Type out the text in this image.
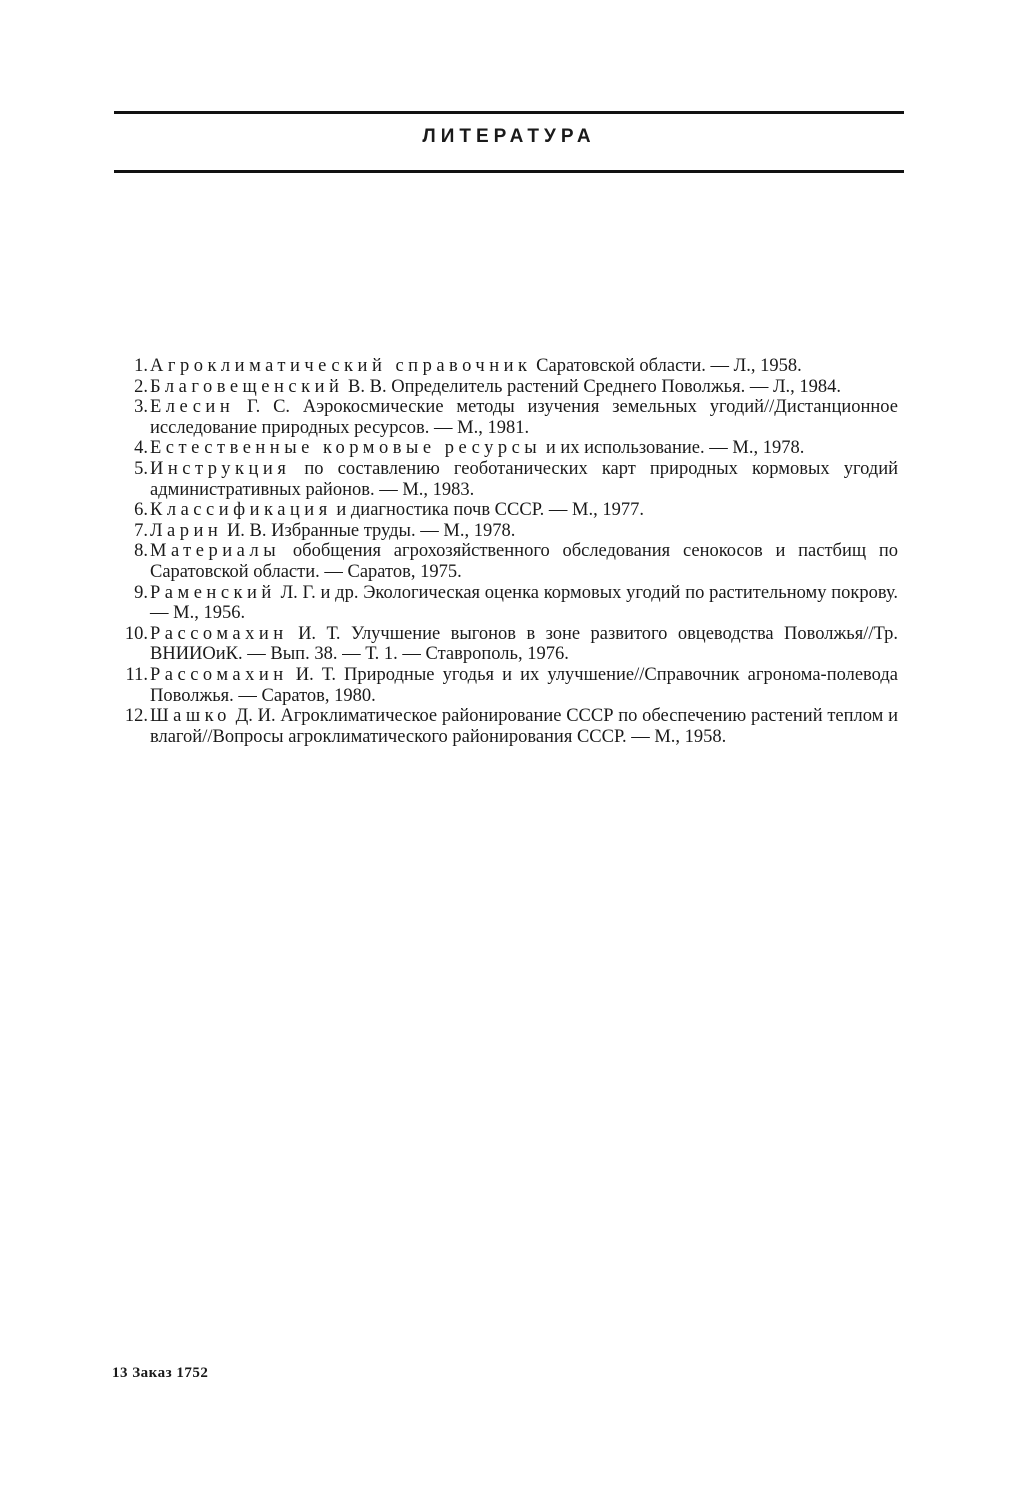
ЛИТЕРАТУРА
1. Агроклиматический справочник Саратовской области. — Л., 1958.
2. Благовещенский В. В. Определитель растений Среднего Поволжья. — Л., 1984.
3. Елесин Г. С. Аэрокосмические методы изучения земельных угодий//Дистанционное исследование природных ресурсов. — М., 1981.
4. Естественные кормовые ресурсы и их использование. — М., 1978.
5. Инструкция по составлению геоботанических карт природных кормовых угодий административных районов. — М., 1983.
6. Классификация и диагностика почв СССР. — М., 1977.
7. Ларин И. В. Избранные труды. — М., 1978.
8. Материалы обобщения агрохозяйственного обследования сенокосов и пастбищ по Саратовской области. — Саратов, 1975.
9. Раменский Л. Г. и др. Экологическая оценка кормовых угодий по растительному покрову. — М., 1956.
10. Рассомахин И. Т. Улучшение выгонов в зоне развитого овцеводства Поволжья//Тр. ВНИИОиК. — Вып. 38. — Т. 1. — Ставрополь, 1976.
11. Рассомахин И. Т. Природные угодья и их улучшение//Справочник агронома-полевода Поволжья. — Саратов, 1980.
12. Шашко Д. И. Агроклиматическое районирование СССР по обеспечению растений теплом и влагой//Вопросы агроклиматического районирования СССР. — М., 1958.
13 Заказ 1752
